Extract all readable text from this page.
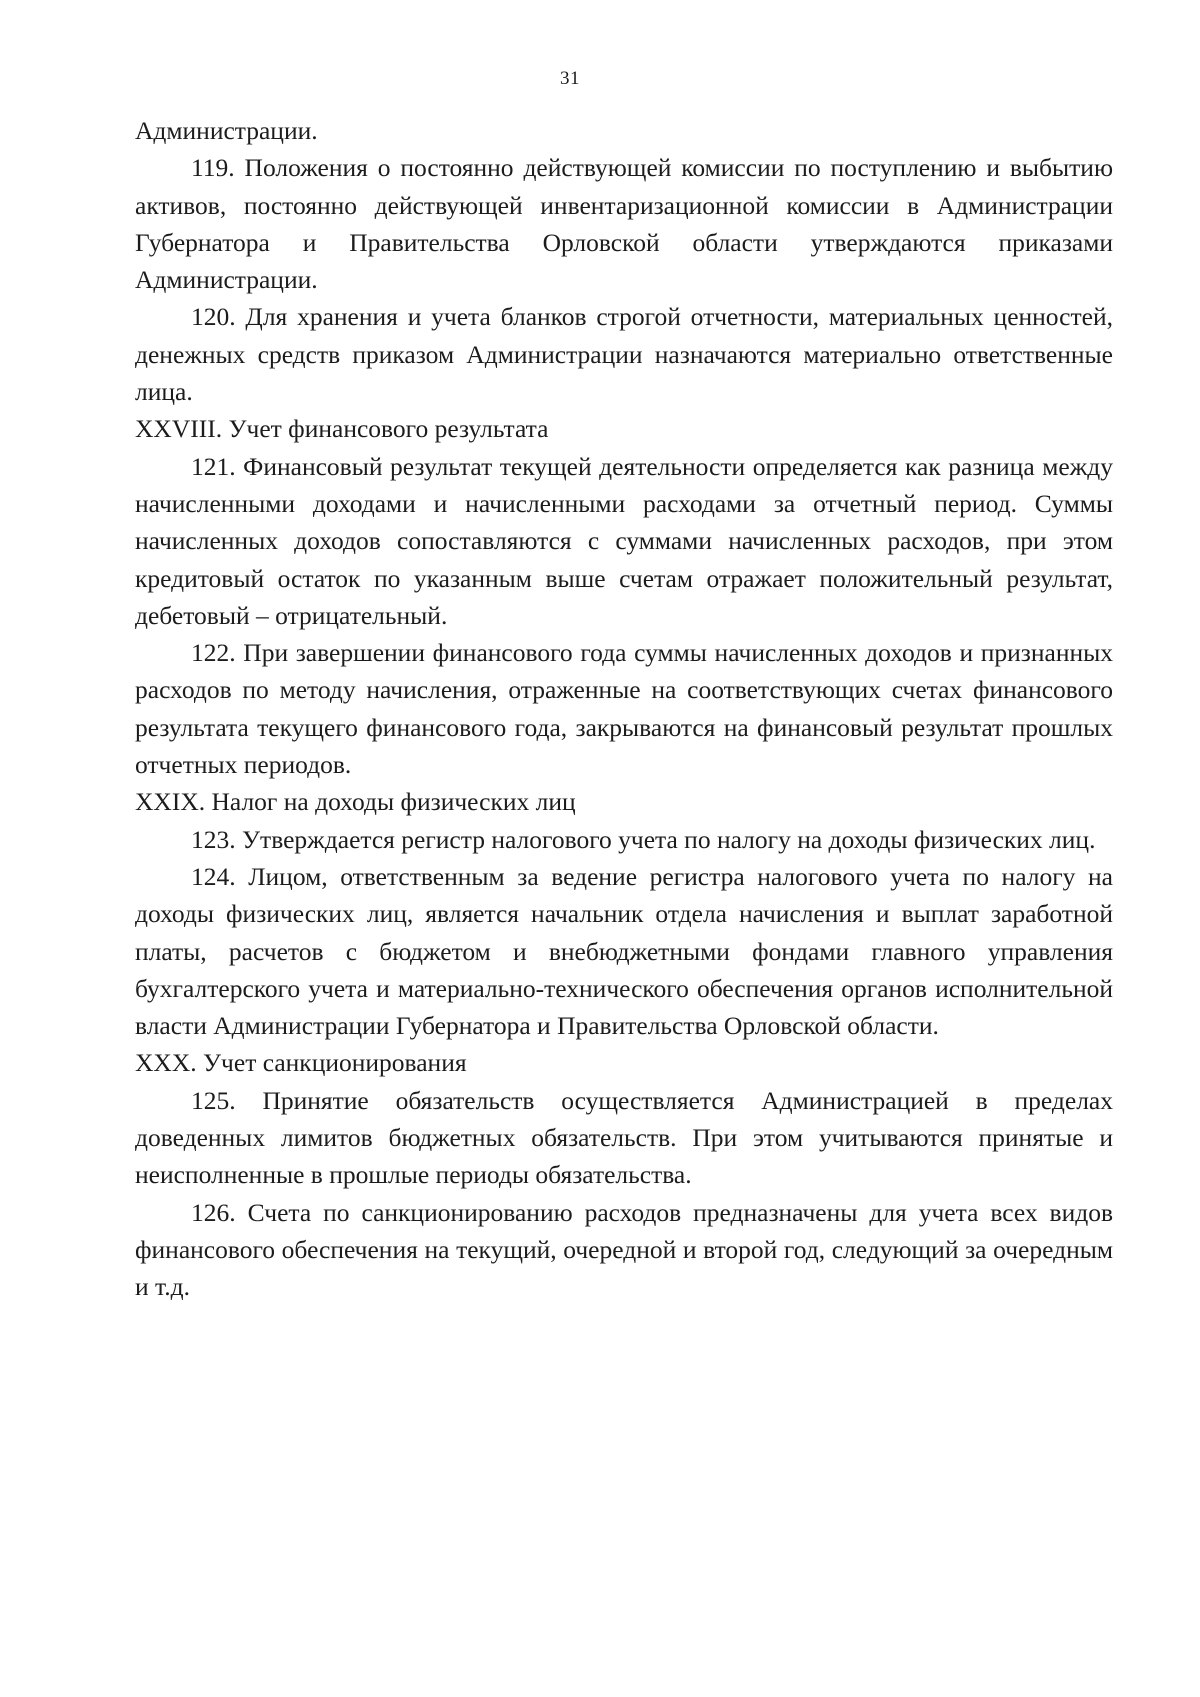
31

Администрации.

119. Положения о постоянно действующей комиссии по поступлению и выбытию активов, постоянно действующей инвентаризационной комиссии в Администрации Губернатора и Правительства Орловской области утверждаются приказами Администрации.

120. Для хранения и учета бланков строгой отчетности, материальных ценностей, денежных средств приказом Администрации назначаются материально ответственные лица.

XXVIII. Учет финансового результата

121. Финансовый результат текущей деятельности определяется как разница между начисленными доходами и начисленными расходами за отчетный период. Суммы начисленных доходов сопоставляются с суммами начисленных расходов, при этом кредитовый остаток по указанным выше счетам отражает положительный результат, дебетовый – отрицательный.

122. При завершении финансового года суммы начисленных доходов и признанных расходов по методу начисления, отраженные на соответствующих счетах финансового результата текущего финансового года, закрываются на финансовый результат прошлых отчетных периодов.

XXIX. Налог на доходы физических лиц

123. Утверждается регистр налогового учета по налогу на доходы физических лиц.

124. Лицом, ответственным за ведение регистра налогового учета по налогу на доходы физических лиц, является начальник отдела начисления и выплат заработной платы, расчетов с бюджетом и внебюджетными фондами главного управления бухгалтерского учета и материально-технического обеспечения органов исполнительной власти Администрации Губернатора и Правительства Орловской области.

XXX. Учет санкционирования

125. Принятие обязательств осуществляется Администрацией в пределах доведенных лимитов бюджетных обязательств. При этом учитываются принятые и неисполненные в прошлые периоды обязательства.

126. Счета по санкционированию расходов предназначены для учета всех видов финансового обеспечения на текущий, очередной и второй год, следующий за очередным и т.д.
